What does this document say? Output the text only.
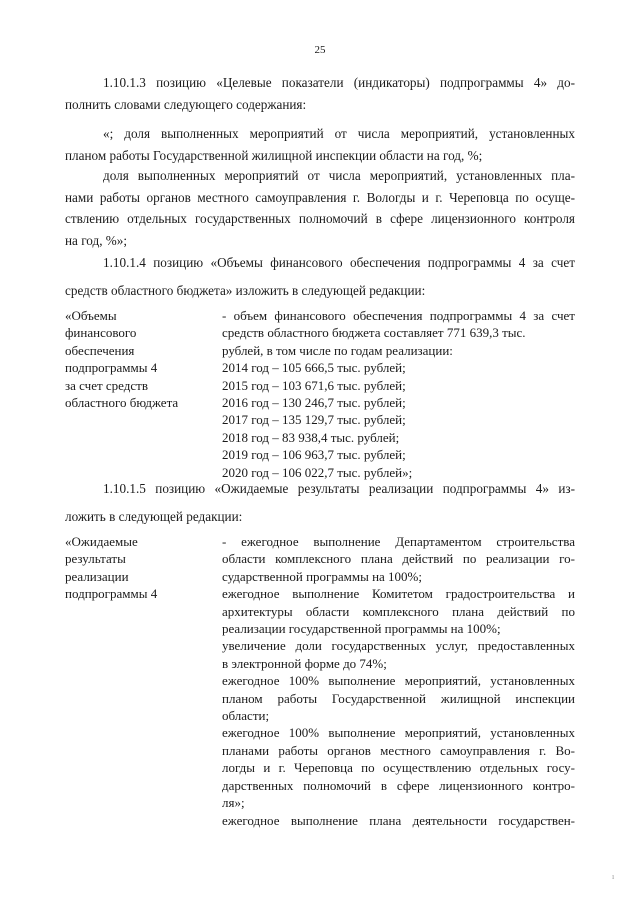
25

1.10.1.3 позицию «Целевые показатели (индикаторы) подпрограммы 4» до-
полнить словами следующего содержания:

«; доля выполненных мероприятий от числа мероприятий, установленных
планом работы Государственной жилищной инспекции области на год, %;

доля выполненных мероприятий от числа мероприятий, установленных пла-
нами работы органов местного самоуправления г. Вологды и г. Череповца по осуще-
ствлению отдельных государственных полномочий в сфере лицензионного контроля
на год, %»;

1.10.1.4 позицию «Объемы финансового обеспечения подпрограммы 4 за счет
средств областного бюджета» изложить в следующей редакции:

«Объемы
финансового
обеспечения
подпрограммы 4
за счет средств
областного бюджета
- объем финансового обеспечения подпрограммы 4 за счет
средств областного бюджета составляет 771 639,3 тыс.
рублей, в том числе по годам реализации:
2014 год – 105 666,5 тыс. рублей;
2015 год – 103 671,6 тыс. рублей;
2016 год – 130 246,7 тыс. рублей;
2017 год – 135 129,7 тыс. рублей;
2018 год – 83 938,4 тыс. рублей;
2019 год – 106 963,7 тыс. рублей;
2020 год – 106 022,7 тыс. рублей»;

1.10.1.5 позицию «Ожидаемые результаты реализации подпрограммы 4» из-
ложить в следующей редакции:

«Ожидаемые
результаты
реализации
подпрограммы 4
- ежегодное выполнение Департаментом строительства
области комплексного плана действий по реализации го-
сударственной программы на 100%;
ежегодное выполнение Комитетом градостроительства и
архитектуры области комплексного плана действий по
реализации государственной программы на 100%;
увеличение доли государственных услуг, предоставленных
в электронной форме до 74%;
ежегодное 100% выполнение мероприятий, установленных
планом работы Государственной жилищной инспекции
области;
ежегодное 100% выполнение мероприятий, установленных
планами работы органов местного самоуправления г. Во-
логды и г. Череповца по осуществлению отдельных госу-
дарственных полномочий в сфере лицензионного контро-
ля»;
ежегодное выполнение плана деятельности государствен-
ı
